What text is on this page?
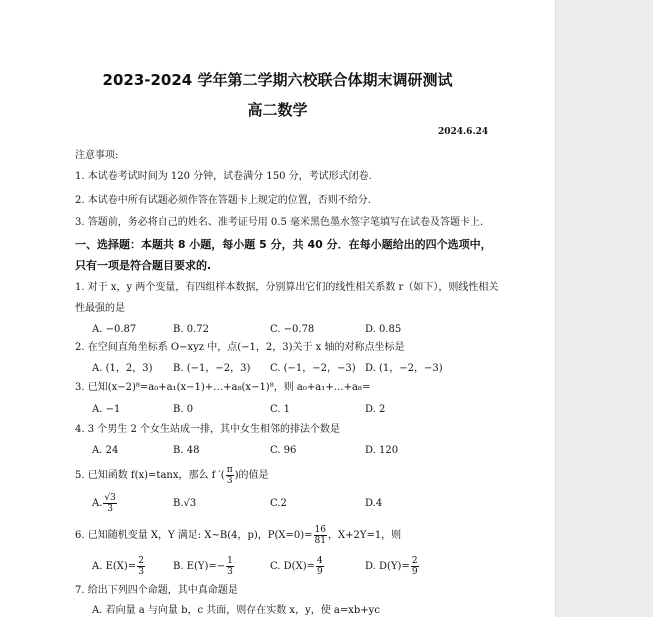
2023-2024 学年第二学期六校联合体期末调研测试
高二数学
2024.6.24
注意事项:
1. 本试卷考试时间为 120 分钟，试卷满分 150 分，考试形式闭卷.
2. 本试卷中所有试题必须作答在答题卡上规定的位置，否则不给分.
3. 答题前，务必将自己的姓名、准考证号用 0.5 毫米黑色墨水签字笔填写在试卷及答题卡上.
一、选择题：本题共 8 小题，每小题 5 分，共 40 分．在每小题给出的四个选项中，
只有一项是符合题目要求的.
1. 对于 x，y 两个变量，有四组样本数据，分别算出它们的线性相关系数 r（如下），则线性相关
性最强的是
A. −0.87	B. 0.72	C. −0.78	D. 0.85
2. 在空间直角坐标系 O−xyz 中，点(−1，2，3)关于 x 轴的对称点坐标是
A. (1，2，3) B. (−1，−2，3) C. (−1，−2，−3) D. (1，−2，−3)
3. 已知(x−2)⁸=a₀+a₁(x−1)+…+a₈(x−1)⁸，则 a₀+a₁+…+a₈=
A. −1	B. 0	C. 1	D. 2
4. 3 个男生 2 个女生站成一排，其中女生相邻的排法个数是
A. 24	B. 48	C. 96	D. 120
5. 已知函数 f(x)=tanx，那么 f ′( $\frac{\pi}{3}$ )的值是
A. $\frac{√3}{3}$	B.√3	C.2	D.4
6. 已知随机变量 X，Y 满足: X∼B(4，p)，$P(X=0)= \frac{16}{81}$ ，X+2Y=1，则
A. $E(X)= \frac{2}{3}$	B. $E(Y)=- \frac{1}{3}$	C. $D(X)= \frac{4}{9}$	D. $D(Y)= \frac{2}{9}$
7. 给出下列四个命题，其中真命题是
A. 若向量 a 与向量 b，c 共面，则存在实数 x，y，使 a=xb+yc
